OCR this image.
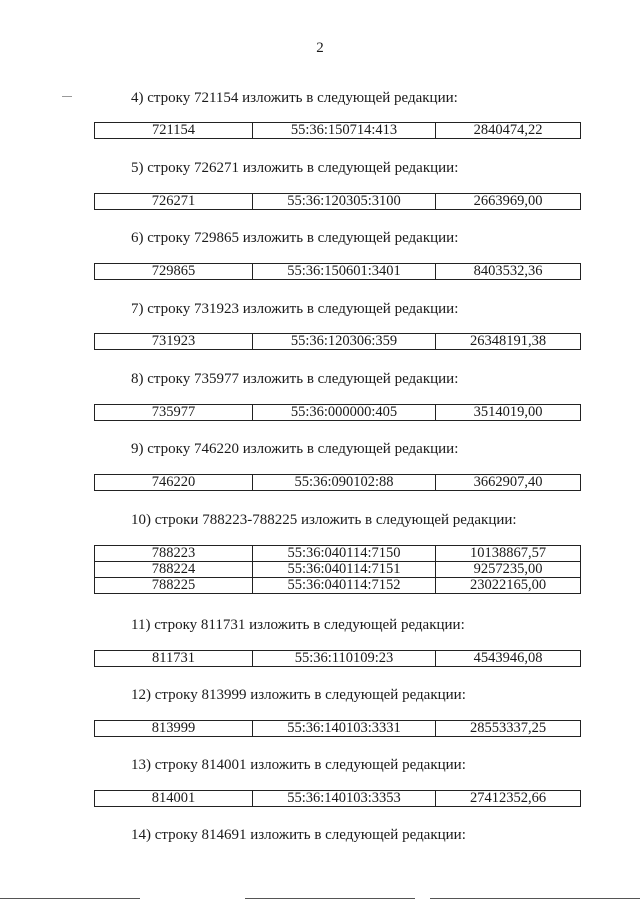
2
4) строку 721154 изложить в следующей редакции:
721154	55:36:150714:413	2840474,22
5) строку 726271 изложить в следующей редакции:
726271	55:36:120305:3100	2663969,00
6) строку 729865 изложить в следующей редакции:
729865	55:36:150601:3401	8403532,36
7) строку 731923 изложить в следующей редакции:
731923	55:36:120306:359	26348191,38
8) строку 735977 изложить в следующей редакции:
735977	55:36:000000:405	3514019,00
9) строку 746220 изложить в следующей редакции:
746220	55:36:090102:88	3662907,40
10) строки 788223-788225 изложить в следующей редакции:
788223	55:36:040114:7150	10138867,57
788224	55:36:040114:7151	9257235,00
788225	55:36:040114:7152	23022165,00
11) строку 811731 изложить в следующей редакции:
811731	55:36:110109:23	4543946,08
12) строку 813999 изложить в следующей редакции:
813999	55:36:140103:3331	28553337,25
13) строку 814001 изложить в следующей редакции:
814001	55:36:140103:3353	27412352,66
14) строку 814691 изложить в следующей редакции:
